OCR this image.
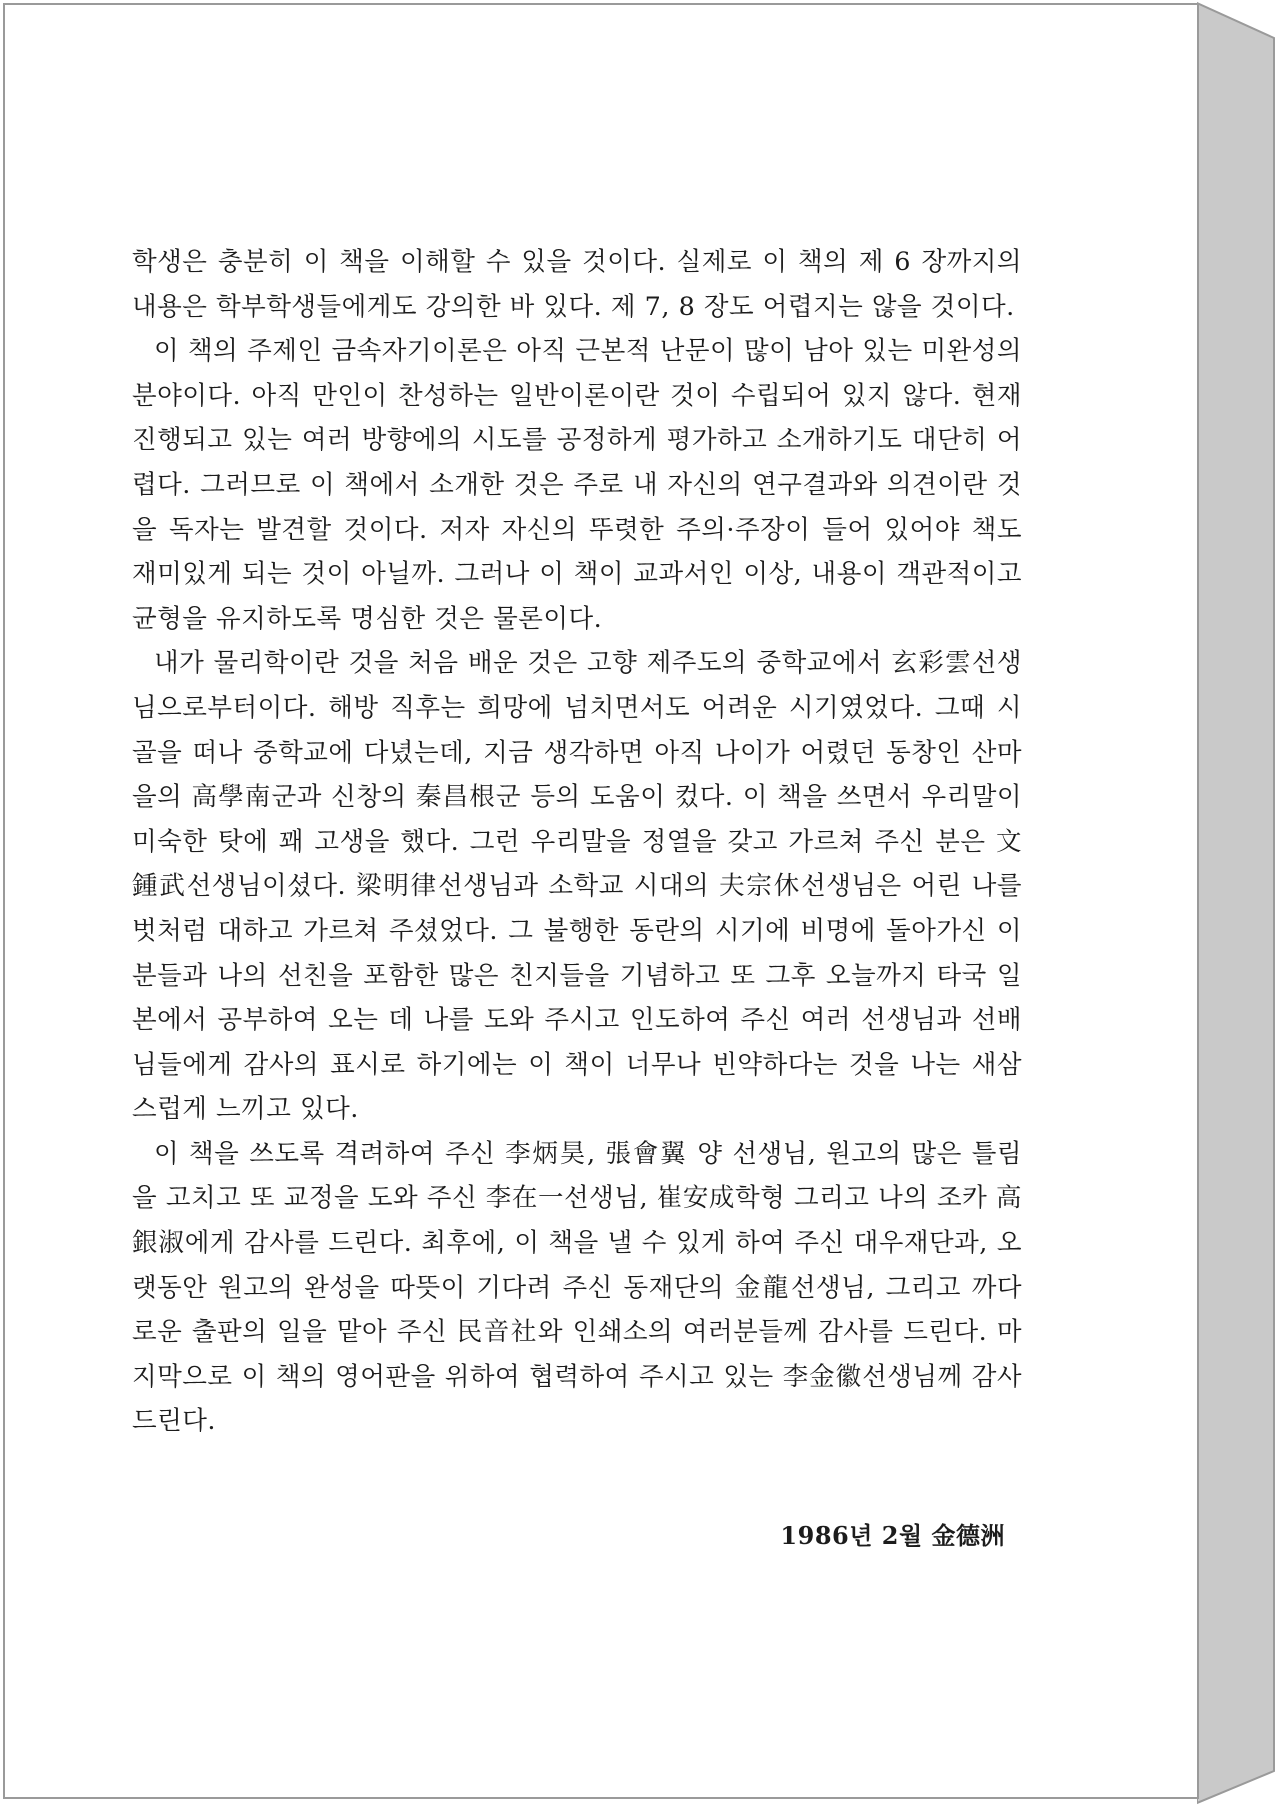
학생은 충분히 이 책을 이해할 수 있을 것이다. 실제로 이 책의 제 6 장까지의 내용은 학부학생들에게도 강의한 바 있다. 제 7, 8 장도 어렵지는 않을 것이다.

이 책의 주제인 금속자기이론은 아직 근본적 난문이 많이 남아 있는 미완성의 분야이다. 아직 만인이 찬성하는 일반이론이란 것이 수립되어 있지 않다. 현재 진행되고 있는 여러 방향에의 시도를 공정하게 평가하고 소개하기도 대단히 어렵다. 그러므로 이 책에서 소개한 것은 주로 내 자신의 연구결과와 의견이란 것을 독자는 발견할 것이다. 저자 자신의 뚜렷한 주의·주장이 들어 있어야 책도 재미있게 되는 것이 아닐까. 그러나 이 책이 교과서인 이상, 내용이 객관적이고 균형을 유지하도록 명심한 것은 물론이다.

내가 물리학이란 것을 처음 배운 것은 고향 제주도의 중학교에서 玄彩雲선생님으로부터이다. 해방 직후는 희망에 넘치면서도 어려운 시기였었다. 그때 시골을 떠나 중학교에 다녔는데, 지금 생각하면 아직 나이가 어렸던 동창인 산마을의 高學南군과 신창의 秦昌根군 등의 도움이 컸다. 이 책을 쓰면서 우리말이 미숙한 탓에 꽤 고생을 했다. 그런 우리말을 정열을 갖고 가르쳐 주신 분은 文鍾武선생님이셨다. 梁明律선생님과 소학교 시대의 夫宗休선생님은 어린 나를 벗처럼 대하고 가르쳐 주셨었다. 그 불행한 동란의 시기에 비명에 돌아가신 이분들과 나의 선친을 포함한 많은 친지들을 기념하고 또 그후 오늘까지 타국 일본에서 공부하여 오는 데 나를 도와 주시고 인도하여 주신 여러 선생님과 선배님들에게 감사의 표시로 하기에는 이 책이 너무나 빈약하다는 것을 나는 새삼스럽게 느끼고 있다.

이 책을 쓰도록 격려하여 주신 李炳昊, 張會翼 양 선생님, 원고의 많은 틀림을 고치고 또 교정을 도와 주신 李在一선생님, 崔安成학형 그리고 나의 조카 高銀淑에게 감사를 드린다. 최후에, 이 책을 낼 수 있게 하여 주신 대우재단과, 오랫동안 원고의 완성을 따뜻이 기다려 주신 동재단의 金龍선생님, 그리고 까다로운 출판의 일을 맡아 주신 民音社와 인쇄소의 여러분들께 감사를 드린다. 마지막으로 이 책의 영어판을 위하여 협력하여 주시고 있는 李金徽선생님께 감사드린다.

1986년 2월 金德洲
